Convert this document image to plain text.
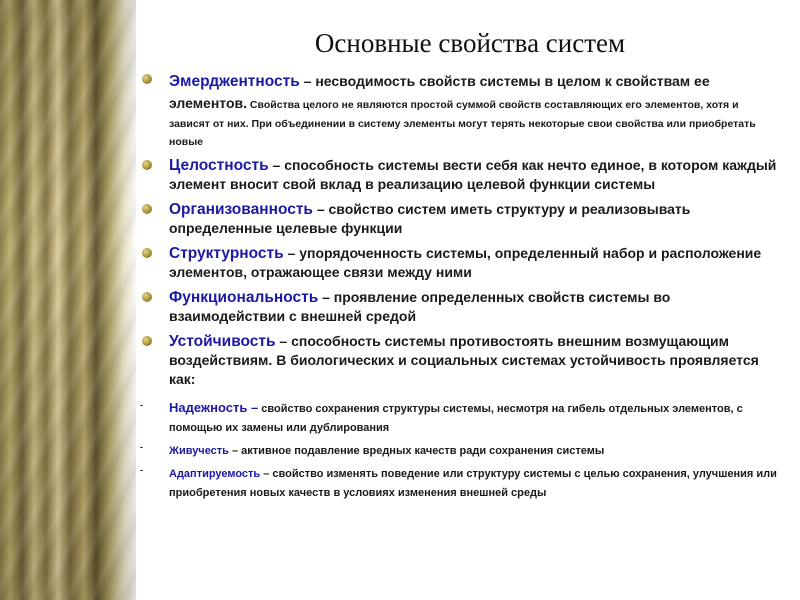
Основные свойства систем
Эмерджентность – несводимость свойств системы в целом к свойствам ее элементов. Свойства целого не являются простой суммой свойств составляющих его элементов, хотя и зависят от них. При объединении в систему элементы могут терять некоторые свои свойства или приобретать новые
Целостность – способность системы вести себя как нечто единое, в котором каждый элемент вносит свой вклад в реализацию целевой функции системы
Организованность – свойство систем иметь структуру и реализовывать определенные целевые функции
Структурность – упорядоченность системы, определенный набор и расположение элементов, отражающее связи между ними
Функциональность – проявление определенных свойств системы во взаимодействии с внешней средой
Устойчивость – способность системы противостоять внешним возмущающим воздействиям. В биологических и социальных системах устойчивость проявляется как:
- Надежность – свойство сохранения структуры системы, несмотря на гибель отдельных элементов, с помощью их замены или дублирования
- Живучесть – активное подавление вредных качеств ради сохранения системы
- Адаптируемость – свойство изменять поведение или структуру системы с целью сохранения, улучшения или приобретения новых качеств в условиях изменения внешней среды
